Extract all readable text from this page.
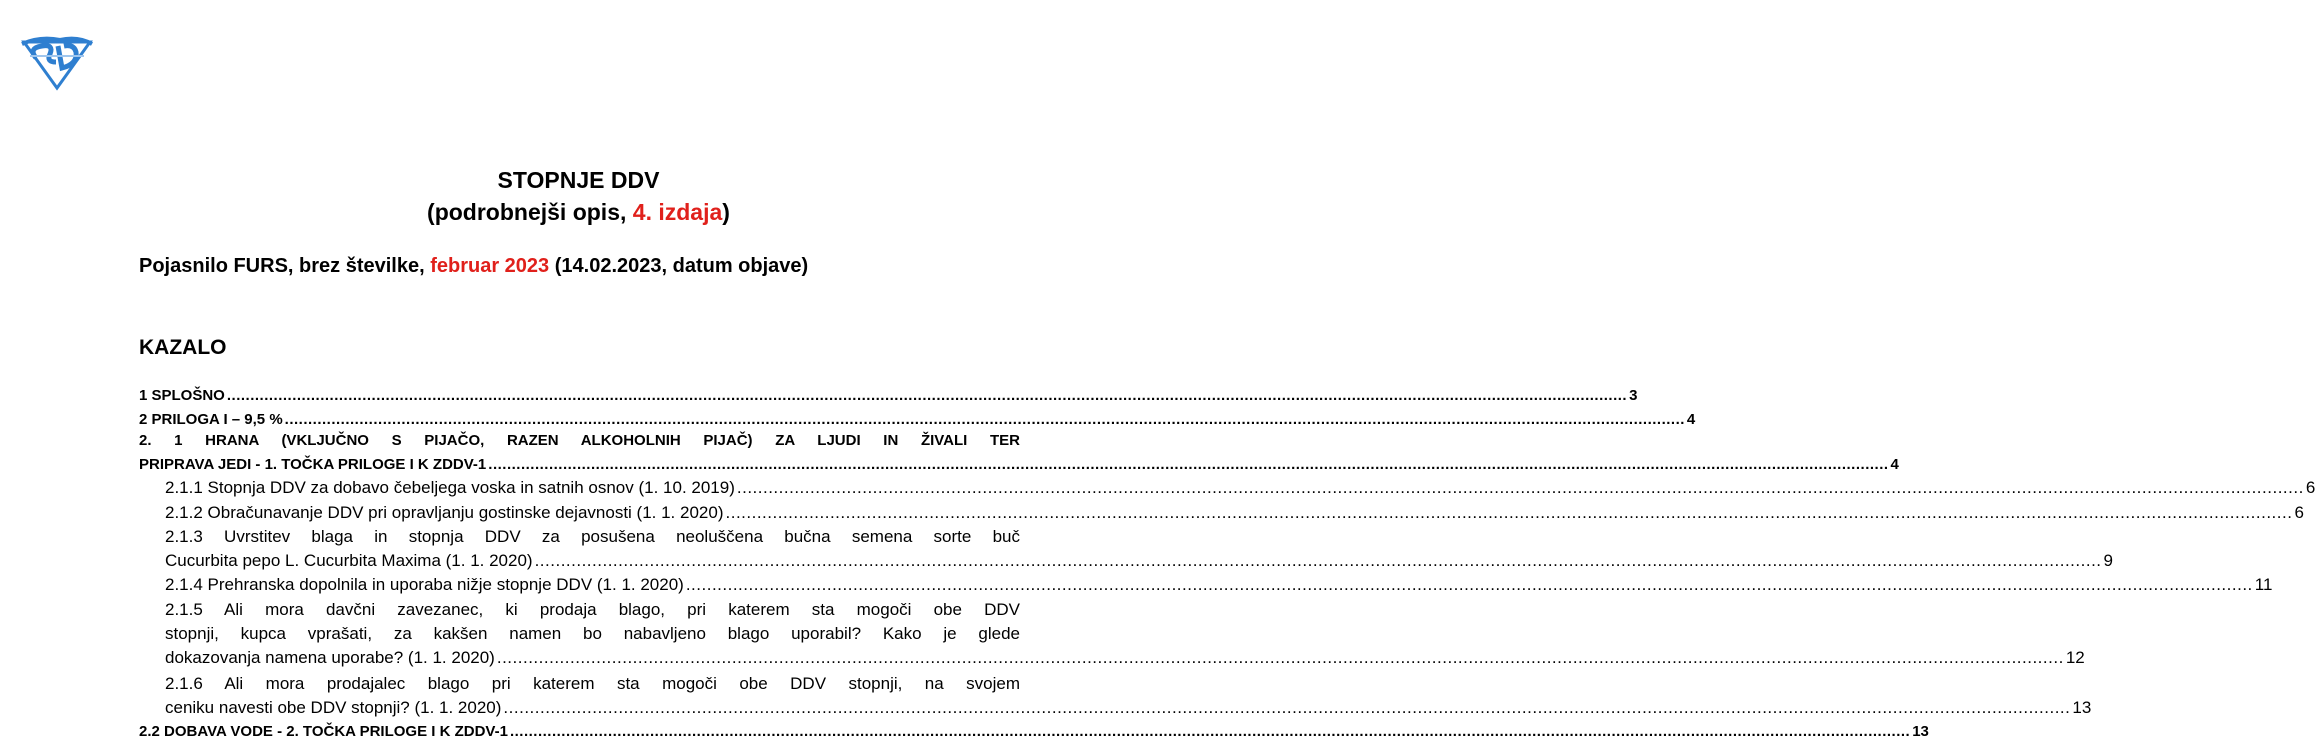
STOPNJE DDV
(podrobnejši opis, 4. izdaja)
Pojasnilo FURS, brez številke, februar 2023 (14.02.2023, datum objave)
KAZALO
1 SPLOŠNO ............................................................................................................................................................................................................................................................................................................ 3
2 PRILOGA I – 9,5 % ............................................................................................................................................................................................................................................................................................................ 4
2. 1 HRANA (VKLJUČNO S PIJAČO, RAZEN ALKOHOLNIH PIJAČ) ZA LJUDI IN ŽIVALI TER
PRIPRAVA JEDI - 1. TOČKA PRILOGE I K ZDDV-1 ............................................................................................................................................................................................................................................................................................................ 4
2.1.1 Stopnja DDV za dobavo čebeljega voska in satnih osnov (1. 10. 2019) ............................................................................................................................................................................................................................................................................................................ 6
2.1.2 Obračunavanje DDV pri opravljanju gostinske dejavnosti (1. 1. 2020) ............................................................................................................................................................................................................................................................................................................ 6
2.1.3 Uvrstitev blaga in stopnja DDV za posušena neoluščena bučna semena sorte buč
Cucurbita pepo L. Cucurbita Maxima (1. 1. 2020) ............................................................................................................................................................................................................................................................................................................ 9
2.1.4 Prehranska dopolnila in uporaba nižje stopnje DDV (1. 1. 2020) ............................................................................................................................................................................................................................................................................................................ 11
2.1.5 Ali mora davčni zavezanec, ki prodaja blago, pri katerem sta mogoči obe DDV
stopnji, kupca vprašati, za kakšen namen bo nabavljeno blago uporabil? Kako je glede
dokazovanja namena uporabe? (1. 1. 2020) ............................................................................................................................................................................................................................................................................................................ 12
2.1.6 Ali mora prodajalec blago pri katerem sta mogoči obe DDV stopnji, na svojem
ceniku navesti obe DDV stopnji? (1. 1. 2020) ............................................................................................................................................................................................................................................................................................................ 13
2.2 DOBAVA VODE - 2. TOČKA PRILOGE I K ZDDV-1 ............................................................................................................................................................................................................................................................................................................ 13
